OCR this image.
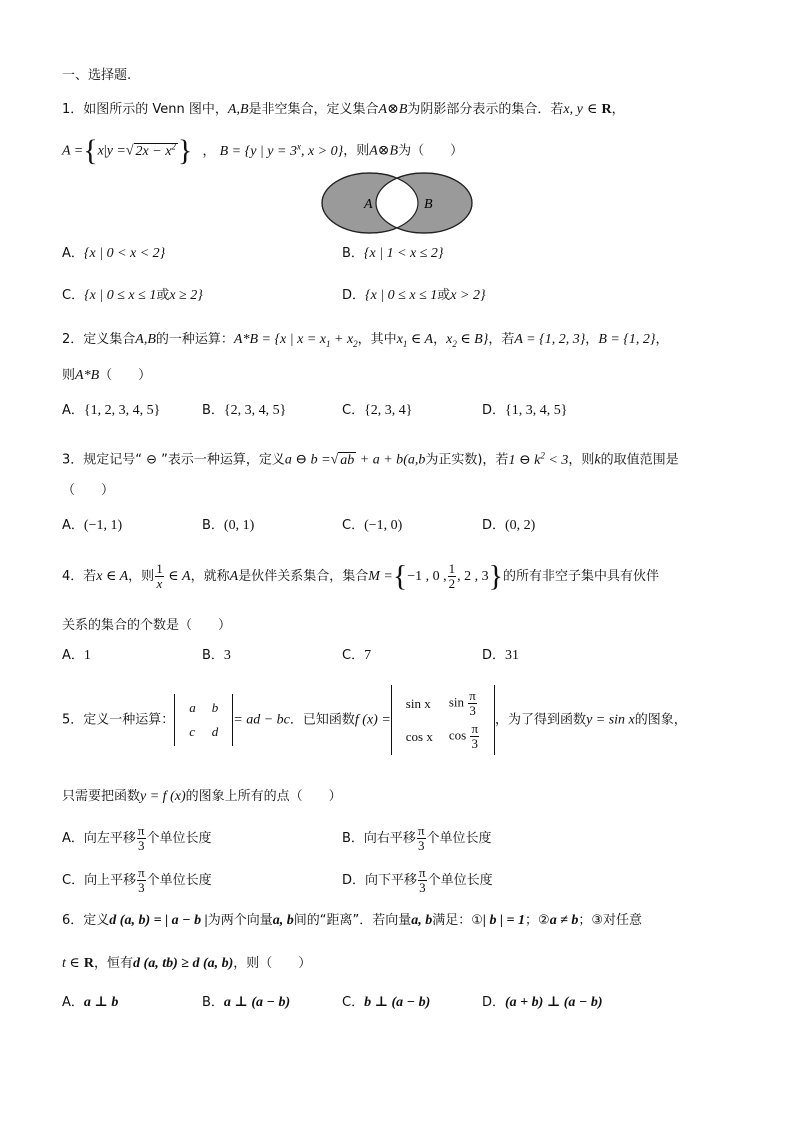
一、选择题.
1．如图所示的 Venn 图中，A,B是非空集合，定义集合A⊗B为阴影部分表示的集合．若x, y ∈ R，
A ={x|y =√ $2x - x^2$} ， B = {y | $y = 3^x$, x > 0}，则A⊗B为（　　）
A	B
A．{x | 0 < x < 2}	B．{x | 1 < x ≤ 2}
C．{x | 0 ≤ x ≤ 1或x ≥ 2}	D．{x | 0 ≤ x ≤ 1或x > 2}
2．定义集合A,B的一种运算：A*B = {x | $x = x_1 + x_2$，其中$x_1$ ∈ A，$x_2$ ∈ B}，若A = {1, 2, 3}，B = {1, 2}，
则A*B（　　）
A．{1, 2, 3, 4, 5}	B．{2, 3, 4, 5}	C．{2, 3, 4}	D．{1, 3, 4, 5}
3．规定记号“ ⊖ ”表示一种运算，定义a ⊖ b =√ ab + a + b(a,b为正实数)，若1 ⊖ $k^2 < 3$，则k的取值范围是
（　　）
A．(−1, 1)	B．(0, 1)	C．(−1, 0)	D．(0, 2)
4．若x ∈ A，则 $\frac{1}{x}$ ∈ A，就称A是伙伴关系集合，集合M ={−1 , 0 , $\frac{1}{2}$ , 2 , 3}的所有非空子集中具有伙伴
关系的集合的个数是（　　）
A．1	B．3	C．7	D．31
5．定义一种运算：
a	b
c	d
= ad − bc．已知函数f (x) =
sin x	$\sin \frac{\pi}{3}$

cos x	$\cos \frac{\pi}{3}$
，为了得到函数y = sin x的图象，
只需要把函数y = f (x)的图象上所有的点（　　）
A．向左平移 $\frac{\pi}{3}$ 个单位长度	B．向右平移 $\frac{\pi}{3}$ 个单位长度
C．向上平移 $\frac{\pi}{3}$ 个单位长度	D．向下平移 $\frac{\pi}{3}$ 个单位长度
6．定义d (a, b) = | a − b |为两个向量a, b间的“距离”．若向量a, b满足：①| b | = 1；②a ≠ b；③对任意
t ∈ R，恒有d (a, tb) ≥ d (a, b)，则（　　）
A．a ⊥ b	B．a ⊥ (a − b)	C．b ⊥ (a − b)	D．(a + b) ⊥ (a − b)
